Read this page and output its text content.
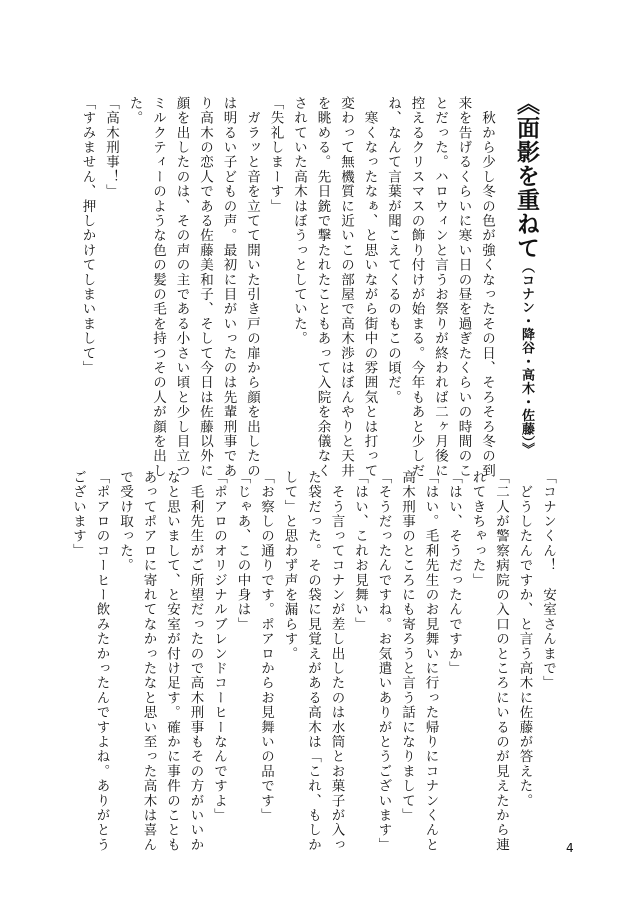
《面影を重ねて（コナン・降谷・高木・佐藤）》
　秋から少し冬の色が強くなったその日、そろそろ冬の到
来を告げるくらいに寒い日の昼を過ぎたくらいの時間のこ
とだった。ハロウィンと言うお祭りが終われば二ヶ月後に
控えるクリスマスの飾り付けが始まる。今年もあと少しだ
ね、なんて言葉が聞こえてくるのもこの頃だ。
　寒くなったなぁ、と思いながら街中の雰囲気とは打って
変わって無機質に近いこの部屋で高木渉はぼんやりと天井
を眺める。先日銃で撃たれたこともあって入院を余儀なく
されていた高木はぼうっとしていた。
「失礼しまーす」
　ガラッと音を立てて開いた引き戸の扉から顔を出したの
は明るい子どもの声。最初に目がいったのは先輩刑事であ
り高木の恋人である佐藤美和子、そして今日は佐藤以外に
顔を出したのは、その声の主である小さい頃と少し目立つ
ミルクティーのような色の髪の毛を持つその人が顔を出し
た。
「高木刑事！」
「すみません、押しかけてしまいまして」
「コナンくん！　安室さんまで」
　どうしたんですか、と言う高木に佐藤が答えた。
「二人が警察病院の入口のところにいるのが見えたから連
れてきちゃった」
「はい、そうだったんですか」
「はい。毛利先生のお見舞いに行った帰りにコナンくんと
高木刑事のところにも寄ろうと言う話になりまして」
「そうだったんですね。お気遣いありがとうございます」
「はい、これお見舞い」
　そう言ってコナンが差し出したのは水筒とお菓子が入っ
た袋だった。その袋に見覚えがある高木は「これ、もしか
して」と思わず声を漏らす。
「お察しの通りです。ポアロからお見舞いの品です」
「じゃあ、この中身は」
「ポアロのオリジナルブレンドコーヒーなんですよ」
　毛利先生がご所望だったので高木刑事もその方がいいか
なと思いまして、と安室が付け足す。確かに事件のことも
あってポアロに寄れてなかったなと思い至った高木は喜ん
で受け取った。
「ポアロのコーヒー飲みたかったんですよね。ありがとう
ございます」
4
